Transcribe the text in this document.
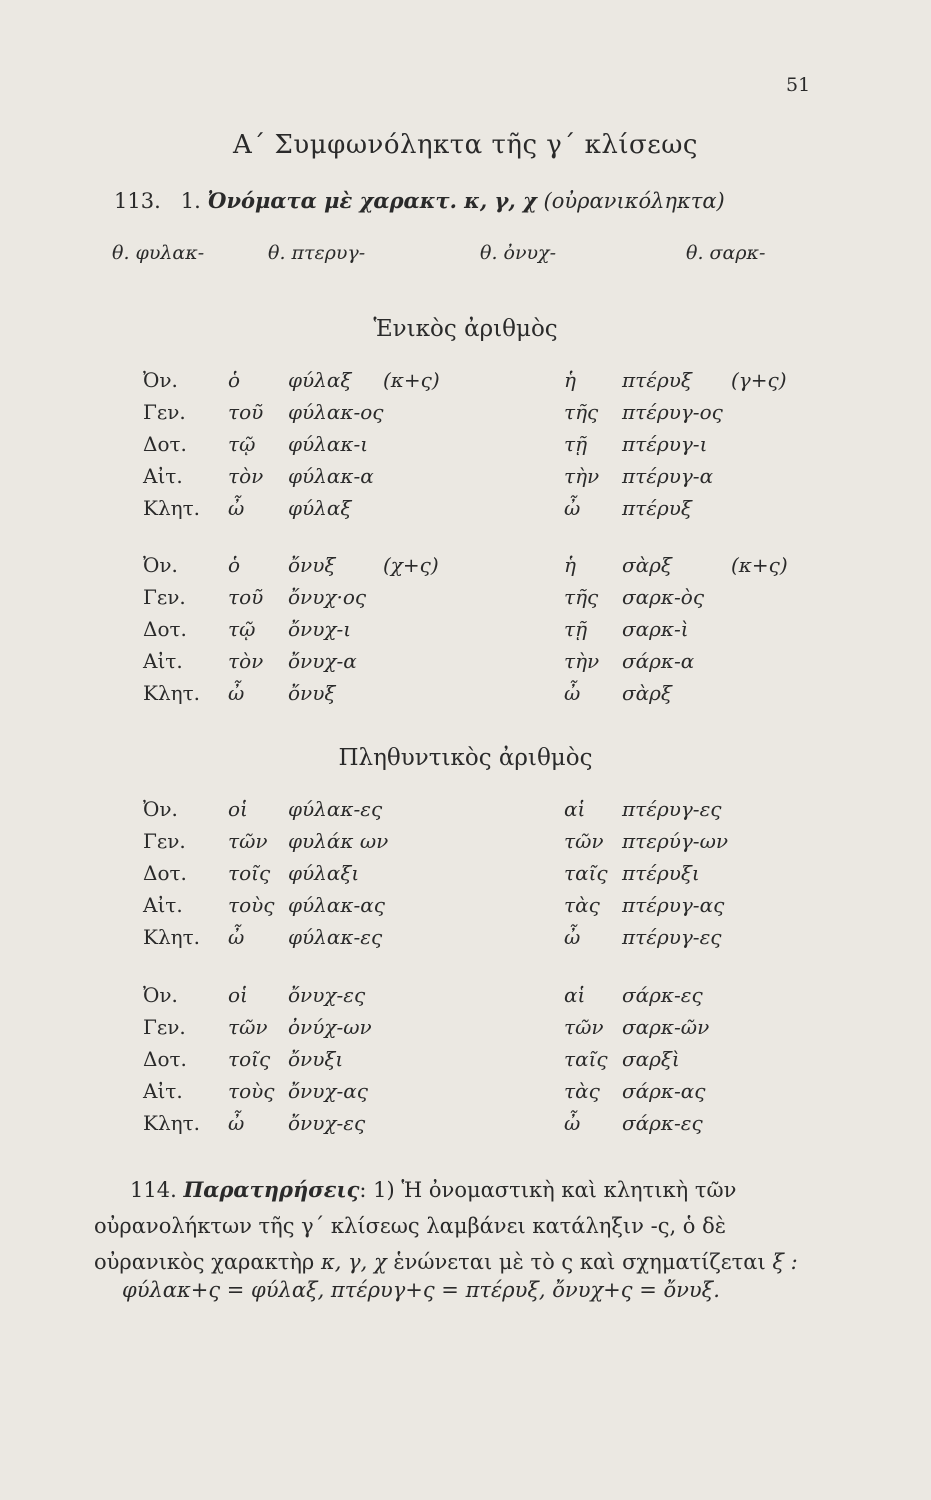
51
Α΄ Συμφωνόληκτα τῆς γ΄ κλίσεως
113. 1. Ὀνόματα μὲ χαρακτ. κ, γ, χ (οὐρανικόληκτα)
θ. φυλακ-	θ. πτερυγ-	θ. ὀνυχ-	θ. σαρκ-
Ἑνικὸς ἀριθμὸς
Ὀν.	ὁ φύλαξ (κ+ς)	ἡ πτέρυξ (γ+ς)
Γεν. τοῦ φύλακ-ος	τῆς πτέρυγ-ος
Δοτ. τῷ φύλακ-ι	τῇ πτέρυγ-ι
Αἰτ. τὸν φύλακ-α	τὴν πτέρυγ-α
Κλητ. ὦ φύλαξ	ὦ πτέρυξ
Ὀν.	ὁ ὄνυξ (χ+ς)	ἡ σὰρξ	(κ+ς)
Γεν. τοῦ ὄνυχ·ος	τῆς σαρκ-ὸς
Δοτ. τῷ ὄνυχ-ι	τῇ σαρκ-ὶ
Αἰτ. τὸν ὄνυχ-α	τὴν σάρκ-α
Κλητ. ὦ ὄνυξ	ὦ σὰρξ
Πληθυντικὸς ἀριθμὸς
Ὀν.	οἱ φύλακ-ες	αἱ πτέρυγ-ες
Γεν. τῶν φυλάκ ων	τῶν πτερύγ-ων
Δοτ. τοῖς φύλαξι	ταῖς πτέρυξι
Αἰτ. τοὺς φύλακ-ας	τὰς πτέρυγ-ας
Κλητ. ὦ φύλακ-ες	ὦ πτέρυγ-ες
Ὀν.	οἱ ὄνυχ-ες	αἱ σάρκ-ες
Γεν. τῶν ὀνύχ-ων	τῶν σαρκ-ῶν
Δοτ. τοῖς ὄνυξι	ταῖς σαρξὶ
Αἰτ. τοὺς ὄνυχ-ας	τὰς σάρκ-ας
Κλητ. ὦ ὄνυχ-ες	ὦ σάρκ-ες
114. Παρατηρήσεις: 1) Ἡ ὀνομαστικὴ καὶ κλητικὴ τῶν οὐρανολήκτων τῆς γ΄ κλίσεως λαμβάνει κατάληξιν -ς, ὁ δὲ οὐρανικὸς χαρακτὴρ κ, γ, χ ἑνώνεται μὲ τὸ ς καὶ σχηματίζεται ξ :
φύλακ+ς = φύλαξ, πτέρυγ+ς = πτέρυξ, ὄνυχ+ς = ὄνυξ.
